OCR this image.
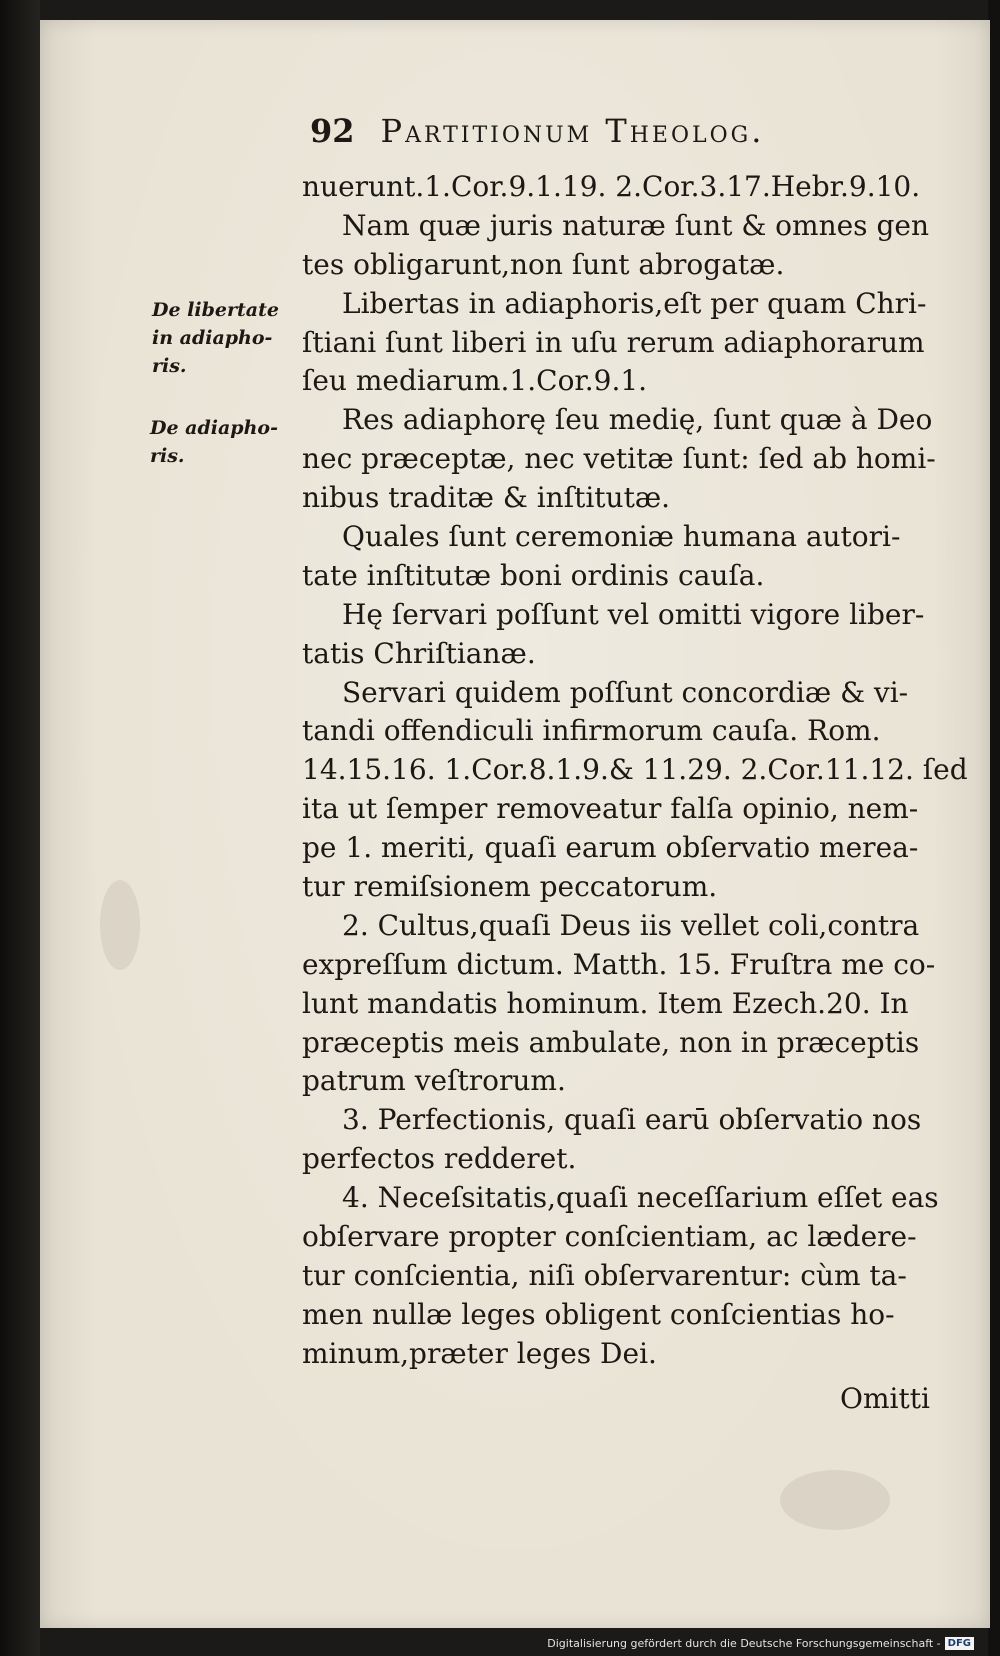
92 Partitionum Theolog.
De libertate
in adiapho-
ris.
De adiapho-
ris.
nuerunt.1.Cor.9.1.19. 2.Cor.3.17.Hebr.9.10.
Nam quæ juris naturæ ſunt & omnes gen
tes obligarunt,non ſunt abrogatæ.
Libertas in adiaphoris,eſt per quam Chri-
ſtiani ſunt liberi in uſu rerum adiaphorarum
ſeu mediarum.1.Cor.9.1.
Res adiaphorę ſeu medię, ſunt quæ à Deo
nec præceptæ, nec vetitæ ſunt: ſed ab homi-
nibus traditæ & inſtitutæ.
Quales ſunt ceremoniæ humana autori-
tate inſtitutæ boni ordinis cauſa.
Hę ſervari poſſunt vel omitti vigore liber-
tatis Chriſtianæ.
Servari quidem poſſunt concordiæ & vi-
tandi offendiculi infirmorum cauſa. Rom.
14.15.16. 1.Cor.8.1.9.& 11.29. 2.Cor.11.12. ſed
ita ut ſemper removeatur falſa opinio, nem-
pe 1. meriti, quaſi earum obſervatio merea-
tur remiſsionem peccatorum.
2. Cultus,quaſi Deus iis vellet coli,contra
expreſſum dictum. Matth. 15. Fruſtra me co-
lunt mandatis hominum. Item Ezech.20. In
præceptis meis ambulate, non in præceptis
patrum veſtrorum.
3. Perfectionis, quaſi earū obſervatio nos
perfectos redderet.
4. Neceſsitatis,quaſi neceſſarium eſſet eas
obſervare propter conſcientiam, ac lædere-
tur conſcientia, niſi obſervarentur: cùm ta-
men nullæ leges obligent conſcientias ho-
minum,præter leges Dei.
Omitti
Digitalisierung gefördert durch die Deutsche Forschungsgemeinschaft - DFG
